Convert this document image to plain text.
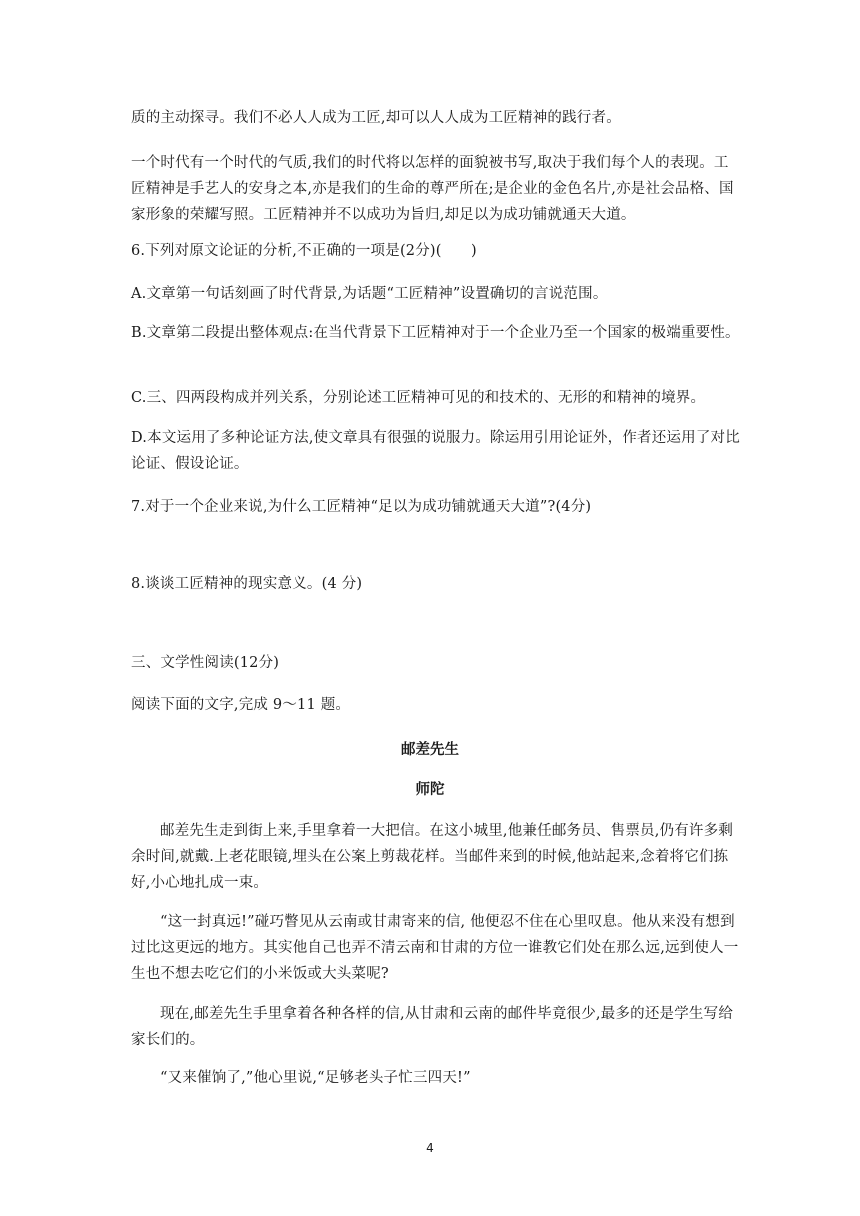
质的主动探寻。我们不必人人成为工匠,却可以人人成为工匠精神的践行者。
一个时代有一个时代的气质,我们的时代将以怎样的面貌被书写,取决于我们每个人的表现。工匠精神是手艺人的安身之本,亦是我们的生命的尊严所在;是企业的金色名片,亦是社会品格、国家形象的荣耀写照。工匠精神并不以成功为旨归,却足以为成功铺就通天大道。
6.下列对原文论证的分析,不正确的一项是(2分)(　　)
A.文章第一句话刻画了时代背景,为话题“工匠精神”设置确切的言说范围。
B.文章第二段提出整体观点:在当代背景下工匠精神对于一个企业乃至一个国家的极端重要性。
C.三、四两段构成并列关系，分别论述工匠精神可见的和技术的、无形的和精神的境界。
D.本文运用了多种论证方法,使文章具有很强的说服力。除运用引用论证外，作者还运用了对比论证、假设论证。
7.对于一个企业来说,为什么工匠精神“足以为成功铺就通天大道”?(4分)
8.谈谈工匠精神的现实意义。(4 分)
三、文学性阅读(12分)
阅读下面的文字,完成 9～11 题。
邮差先生
师陀
邮差先生走到街上来,手里拿着一大把信。在这小城里,他兼任邮务员、售票员,仍有许多剩余时间,就戴.上老花眼镜,埋头在公案上剪裁花样。当邮件来到的时候,他站起来,念着将它们拣好,小心地扎成一束。
“这一封真远!”碰巧瞥见从云南或甘肃寄来的信, 他便忍不住在心里叹息。他从来没有想到过比这更远的地方。其实他自己也弄不清云南和甘肃的方位一谁教它们处在那么远,远到使人一生也不想去吃它们的小米饭或大头菜呢?
现在,邮差先生手里拿着各种各样的信,从甘肃和云南的邮件毕竟很少,最多的还是学生写给家长们的。
“又来催饷了,”他心里说,“足够老头子忙三四天!”
4
